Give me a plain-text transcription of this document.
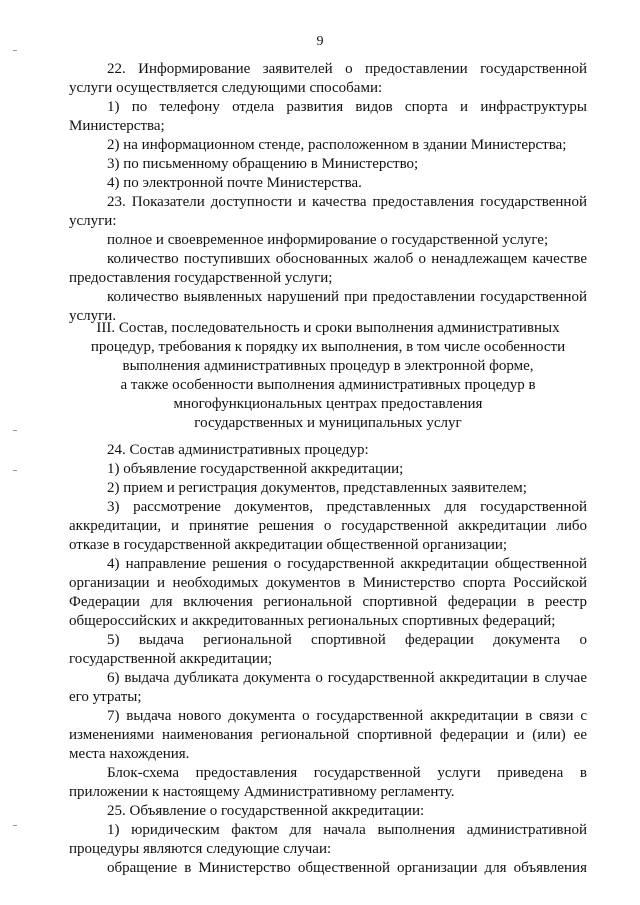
9
22. Информирование заявителей о предоставлении государственной
услуги осуществляется следующими способами:
1) по телефону отдела развития видов спорта и инфраструктуры
Министерства;
2) на информационном стенде, расположенном в здании Министерства;
3) по письменному обращению в Министерство;
4) по электронной почте Министерства.
23. Показатели доступности и качества предоставления государственной
услуги:
полное и своевременное информирование о государственной услуге;
количество поступивших обоснованных жалоб о ненадлежащем качестве
предоставления государственной услуги;
количество выявленных нарушений при предоставлении государственной
услуги.
III. Состав, последовательность и сроки выполнения административных
процедур, требования к порядку их выполнения, в том числе особенности
выполнения административных процедур в электронной форме,
а также особенности выполнения административных процедур в
многофункциональных центрах предоставления
государственных и муниципальных услуг
24. Состав административных процедур:
1) объявление государственной аккредитации;
2) прием и регистрация документов, представленных заявителем;
3) рассмотрение документов, представленных для государственной
аккредитации, и принятие решения о государственной аккредитации либо
отказе в государственной аккредитации общественной организации;
4) направление решения о государственной аккредитации общественной
организации и необходимых документов в Министерство спорта Российской
Федерации для включения региональной спортивной федерации в реестр
общероссийских и аккредитованных региональных спортивных федераций;
5) выдача региональной спортивной федерации документа о
государственной аккредитации;
6) выдача дубликата документа о государственной аккредитации в случае
его утраты;
7) выдача нового документа о государственной аккредитации в связи с
изменениями наименования региональной спортивной федерации и (или) ее
места нахождения.
Блок-схема предоставления государственной услуги приведена в
приложении к настоящему Административному регламенту.
25. Объявление о государственной аккредитации:
1) юридическим фактом для начала выполнения административной
процедуры являются следующие случаи:
обращение в Министерство общественной организации для объявления
